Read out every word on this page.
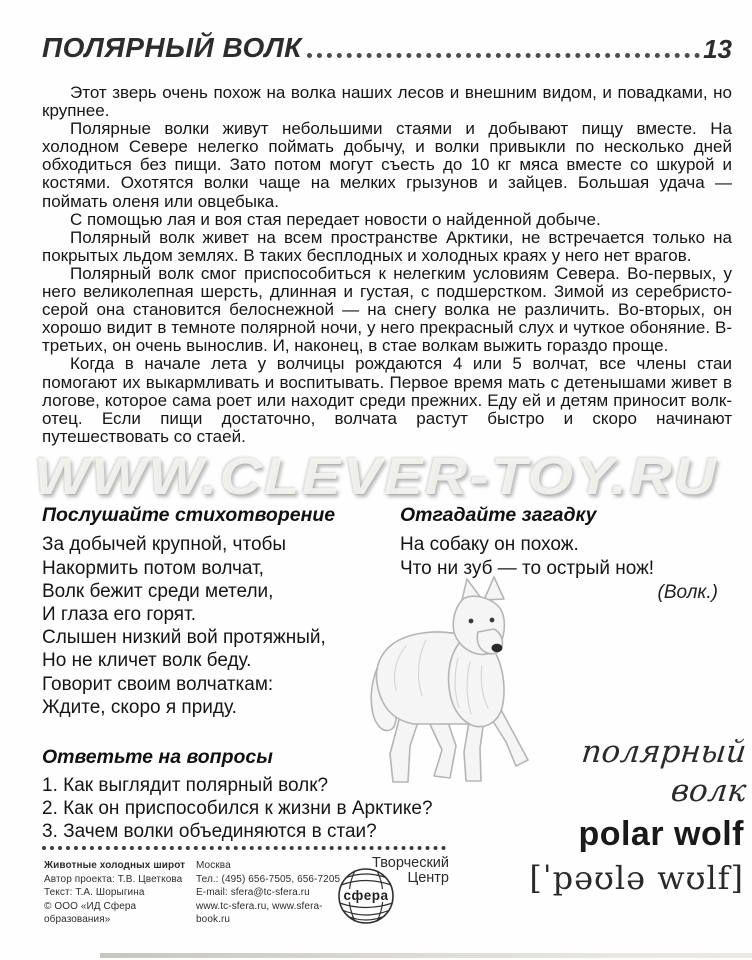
ПОЛЯРНЫЙ ВОЛК	13

Этот зверь очень похож на волка наших лесов и внешним видом, и повадками, но крупнее.

Полярные волки живут небольшими стаями и добывают пищу вместе. На холодном Севере нелегко поймать добычу, и волки привыкли по несколько дней обходиться без пищи. Зато потом могут съесть до 10 кг мяса вместе со шкурой и костями. Охотятся волки чаще на мелких грызунов и зайцев. Большая удача — поймать оленя или овцебыка.

С помощью лая и воя стая передает новости о найденной добыче.

Полярный волк живет на всем пространстве Арктики, не встречается только на покрытых льдом землях. В таких бесплодных и холодных краях у него нет врагов.

Полярный волк смог приспособиться к нелегким условиям Севера. Во-первых, у него великолепная шерсть, длинная и густая, с подшерстком. Зимой из серебристо-серой она становится белоснежной — на снегу волка не различить. Во-вторых, он хорошо видит в темноте полярной ночи, у него прекрасный слух и чуткое обоняние. В-третьих, он очень вынослив. И, наконец, в стае волкам выжить гораздо проще.

Когда в начале лета у волчицы рождаются 4 или 5 волчат, все члены стаи помогают их выкармливать и воспитывать. Первое время мать с детенышами живет в логове, которое сама роет или находит среди прежних. Еду ей и детям приносит волк-отец. Если пищи достаточно, волчата растут быстро и скоро начинают путешествовать со стаей.

WWW.CLEVER-TOY.RU
Послушайте стихотворение
За добычей крупной, чтобы
Накормить потом волчат,
Волк бежит среди метели,
И глаза его горят.
Слышен низкий вой протяжный,
Но не кличет волк беду.
Говорит своим волчаткам:
Ждите, скоро я приду.
Отгадайте загадку
На собаку он похож.
Что ни зуб — то острый нож!
(Волк.)
Ответьте на вопросы
1. Как выглядит полярный волк?
2. Как он приспособился к жизни в Арктике?
3. Зачем волки объединяются в стаи?
полярный
волк
polar wolf
[ˈpəʊlə wʊlf]
Животные холодных широт
Автор проекта: Т.В. Цветкова
Текст: Т.А. Шорыгина
© ООО «ИД Сфера образования»
Москва
Тел.: (495) 656-7505, 656-7205
E-mail: sfera@tc-sfera.ru
www.tc-sfera.ru, www.sfera-book.ru
Творческий
Центр
сфера
